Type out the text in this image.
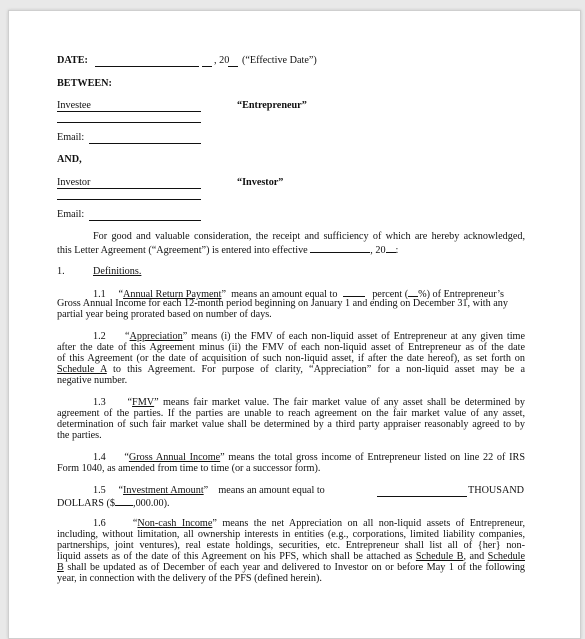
DATE:	, 20 (“Effective Date”)
BETWEEN:
Investee	“Entrepreneur”
Email:
AND,
Investor	“Investor”
Email:
For good and valuable consideration, the receipt and sufficiency of which are hereby acknowledged,
this Letter Agreement (“Agreement”) is entered into effective	, 20 :
1.	Definitions.
1.1     “Annual Return Payment”  means an amount equal to	percent ( %) of Entrepreneur’s
Gross Annual Income for each 12-month period beginning on January 1 and ending on December 31, with any
partial year being prorated based on number of days.
1.2     “Appreciation” means (i) the FMV of each non-liquid asset of Entrepreneur at any given time
after the date of this Agreement minus (ii) the FMV of each non-liquid asset of Entrepreneur as of the date
of this Agreement (or the date of acquisition of such non-liquid asset, if after the date hereof), as set forth on
Schedule A to this Agreement. For purpose of clarity, “Appreciation” for a non-liquid asset may be a
negative number.
1.3     “FMV” means fair market value. The fair market value of any asset shall be determined by
agreement of the parties. If the parties are unable to reach agreement on the fair market value of any asset,
determination of such fair market value shall be determined by a third party appraiser reasonably agreed to by
the parties.
1.4     “Gross Annual Income” means the total gross income of Entrepreneur listed on line 22 of IRS
Form 1040, as amended from time to time (or a successor form).
1.5     “Investment Amount”    means an amount equal to	THOUSAND
DOLLARS ($ ,000.00).
1.6     “Non-cash Income” means the net Appreciation on all non-liquid assets of Entrepreneur,
including, without limitation, all ownership interests in entities (e.g., corporations, limited liability companies,
partnerships, joint ventures), real estate holdings, securities, etc. Entrepreneur shall list all of {her} non-
liquid assets as of the date of this Agreement on his PFS, which shall be attached as Schedule B, and Schedule
B shall be updated as of December of each year and delivered to Investor on or before May 1 of the following
year, in connection with the delivery of the PFS (defined herein).
